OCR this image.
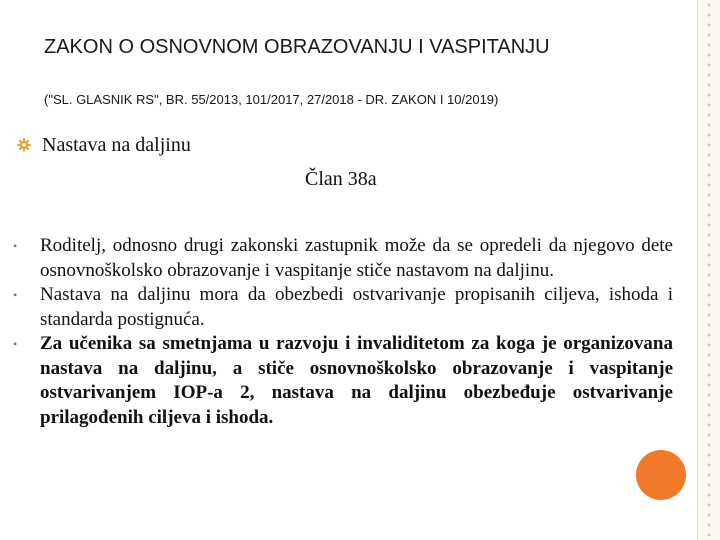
ZAKON O OSNOVNOM OBRAZOVANJU I VASPITANJU
("SL. GLASNIK RS", BR. 55/2013, 101/2017, 27/2018 - DR. ZAKON I 10/2019)
Nastava na daljinu
Član 38a
• Roditelj, odnosno drugi zakonski zastupnik može da se opredeli da njegovo dete osnovnoškolsko obrazovanje i vaspitanje stiče nastavom na daljinu.
• Nastava na daljinu mora da obezbedi ostvarivanje propisanih ciljeva, ishoda i standarda postignuća.
• Za učenika sa smetnjama u razvoju i invaliditetom za koga je organizovana nastava na daljinu, a stiče osnovnoškolsko obrazovanje i vaspitanje ostvarivanjem IOP-a 2, nastava na daljinu obezbeđuje ostvarivanje prilagođenih ciljeva i ishoda.
